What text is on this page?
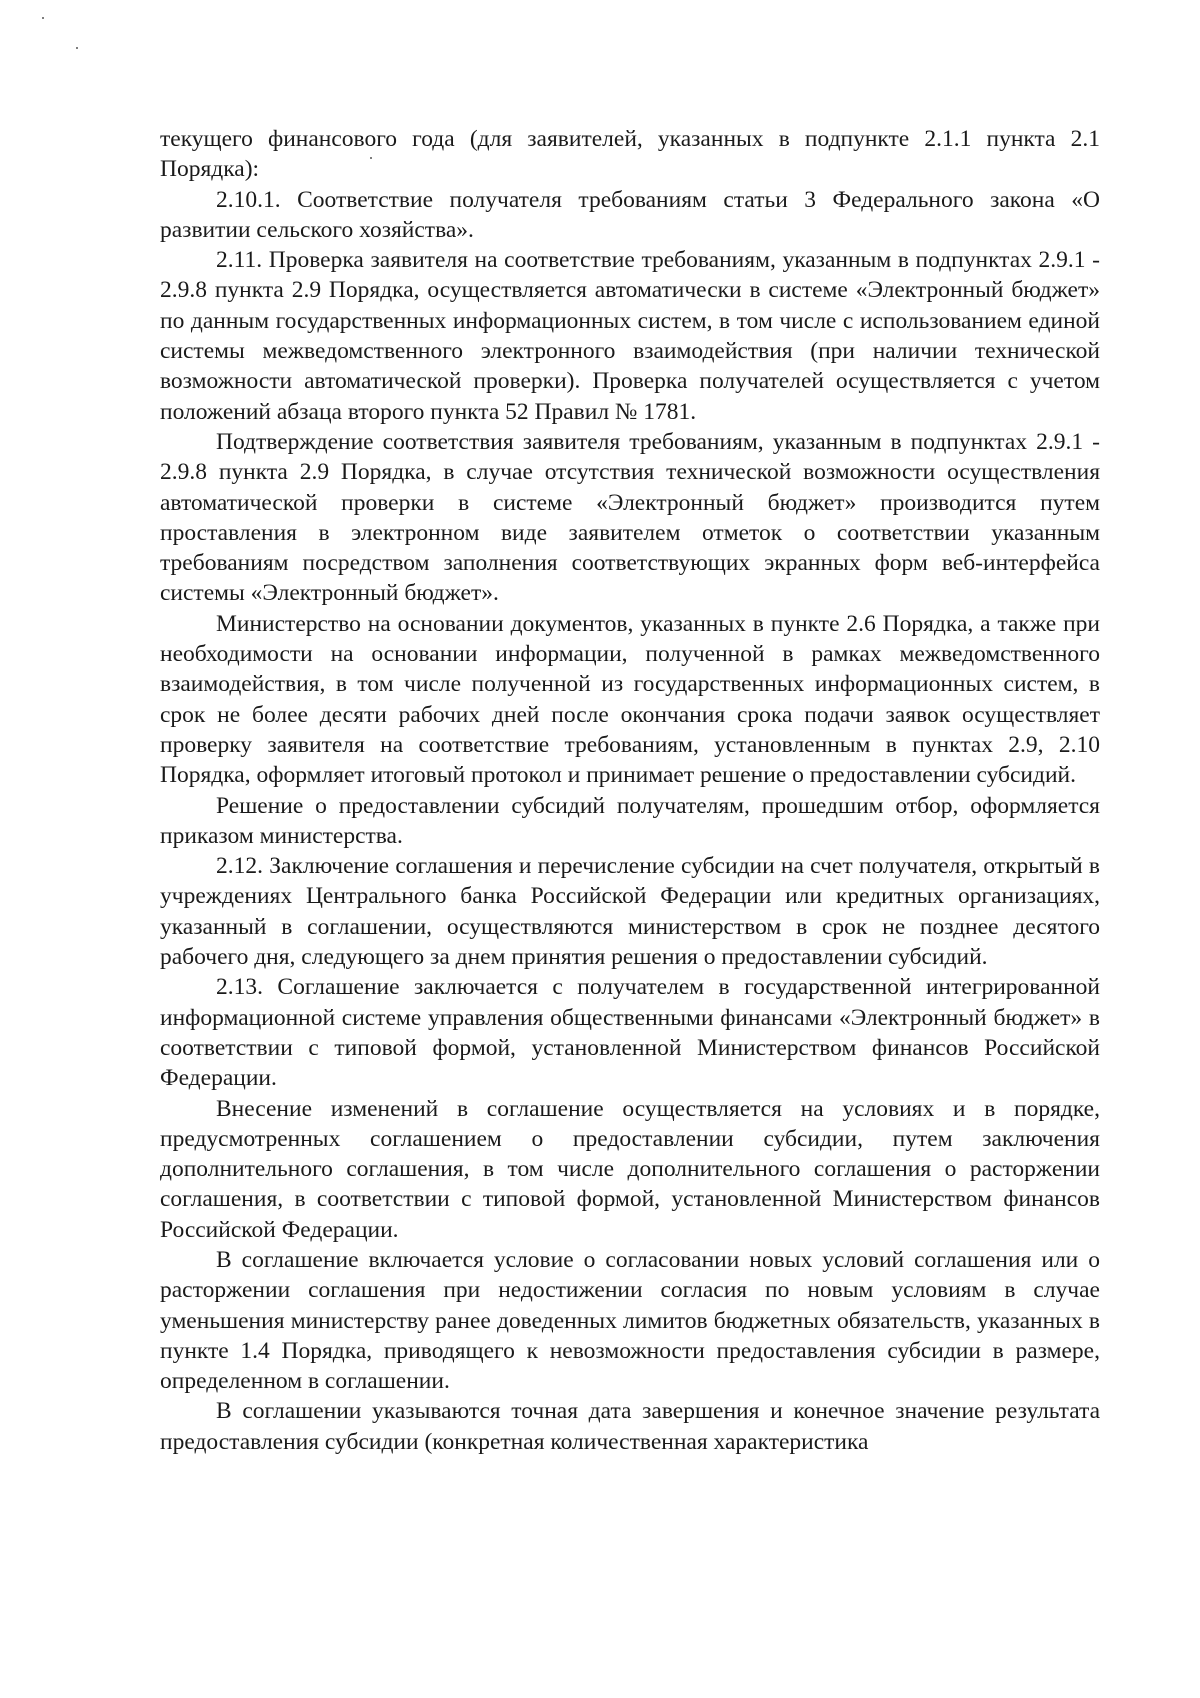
текущего финансового года (для заявителей, указанных в подпункте 2.1.1 пункта 2.1 Порядка):

2.10.1. Соответствие получателя требованиям статьи 3 Федерального закона «О развитии сельского хозяйства».

2.11. Проверка заявителя на соответствие требованиям, указанным в подпунктах 2.9.1 - 2.9.8 пункта 2.9 Порядка, осуществляется автоматически в системе «Электронный бюджет» по данным государственных информационных систем, в том числе с использованием единой системы межведомственного электронного взаимодействия (при наличии технической возможности автоматической проверки). Проверка получателей осуществляется с учетом положений абзаца второго пункта 52 Правил № 1781.

Подтверждение соответствия заявителя требованиям, указанным в подпунктах 2.9.1 - 2.9.8 пункта 2.9 Порядка, в случае отсутствия технической возможности осуществления автоматической проверки в системе «Электронный бюджет» производится путем проставления в электронном виде заявителем отметок о соответствии указанным требованиям посредством заполнения соответствующих экранных форм веб-интерфейса системы «Электронный бюджет».

Министерство на основании документов, указанных в пункте 2.6 Порядка, а также при необходимости на основании информации, полученной в рамках межведомственного взаимодействия, в том числе полученной из государственных информационных систем, в срок не более десяти рабочих дней после окончания срока подачи заявок осуществляет проверку заявителя на соответствие требованиям, установленным в пунктах 2.9, 2.10 Порядка, оформляет итоговый протокол и принимает решение о предоставлении субсидий.

Решение о предоставлении субсидий получателям, прошедшим отбор, оформляется приказом министерства.

2.12. Заключение соглашения и перечисление субсидии на счет получателя, открытый в учреждениях Центрального банка Российской Федерации или кредитных организациях, указанный в соглашении, осуществляются министерством в срок не позднее десятого рабочего дня, следующего за днем принятия решения о предоставлении субсидий.

2.13. Соглашение заключается с получателем в государственной интегрированной информационной системе управления общественными финансами «Электронный бюджет» в соответствии с типовой формой, установленной Министерством финансов Российской Федерации.

Внесение изменений в соглашение осуществляется на условиях и в порядке, предусмотренных соглашением о предоставлении субсидии, путем заключения дополнительного соглашения, в том числе дополнительного соглашения о расторжении соглашения, в соответствии с типовой формой, установленной Министерством финансов Российской Федерации.

В соглашение включается условие о согласовании новых условий соглашения или о расторжении соглашения при недостижении согласия по новым условиям в случае уменьшения министерству ранее доведенных лимитов бюджетных обязательств, указанных в пункте 1.4 Порядка, приводящего к невозможности предоставления субсидии в размере, определенном в соглашении.

В соглашении указываются точная дата завершения и конечное значение результата предоставления субсидии (конкретная количественная характеристика
